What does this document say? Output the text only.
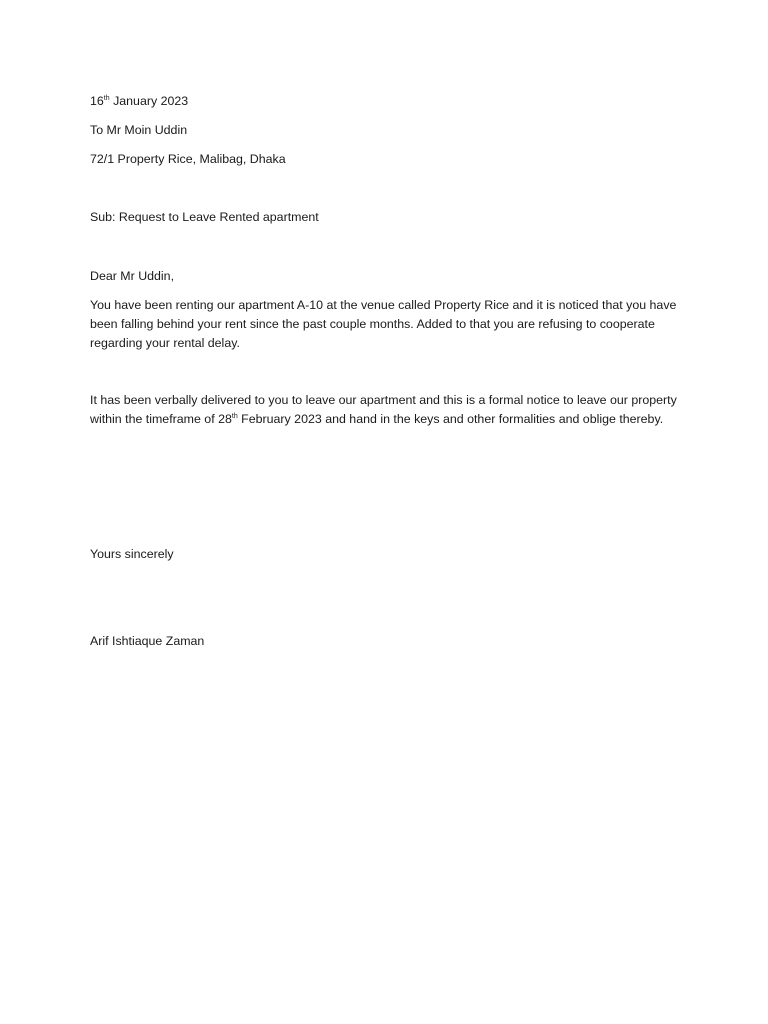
16th January 2023
To Mr Moin Uddin
72/1 Property Rice, Malibag, Dhaka
Sub: Request to Leave Rented apartment
Dear Mr Uddin,

You have been renting our apartment A-10 at the venue called Property Rice and it is noticed that you have been falling behind your rent since the past couple months. Added to that you are refusing to cooperate regarding your rental delay.

It has been verbally delivered to you to leave our apartment and this is a formal notice to leave our property within the timeframe of 28th February 2023 and hand in the keys and other formalities and oblige thereby.

Yours sincerely
Arif Ishtiaque Zaman
